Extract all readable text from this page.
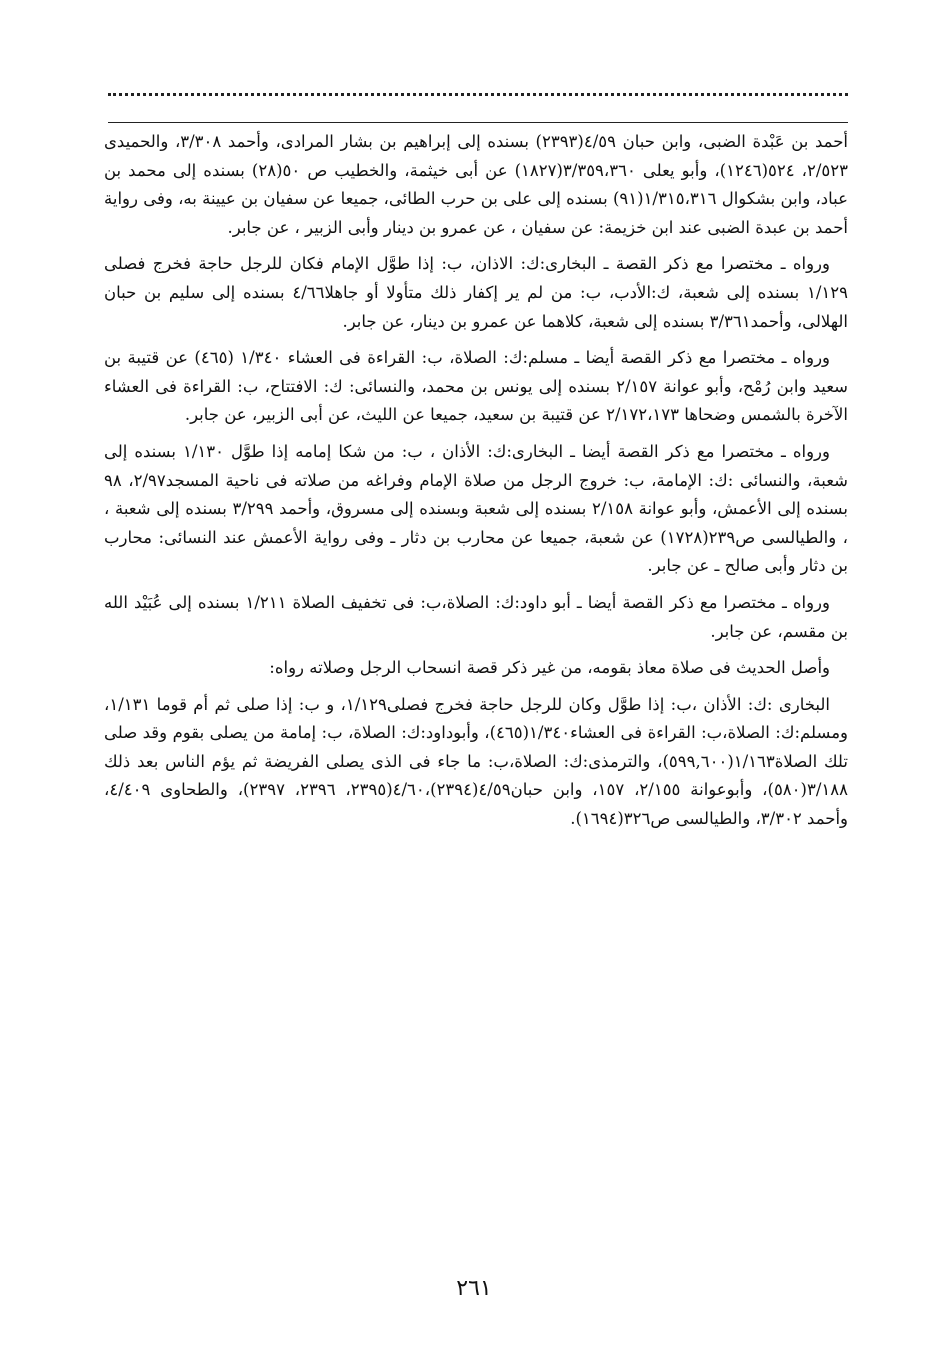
أحمد بن عَبْدة الضبى، وابن حبان ٤/٥٩(٢٣٩٣) بسنده إلى إبراهيم بن بشار المرادى، وأحمد ٣/٣٠٨، والحميدى ٢/٥٢٣، ٥٢٤(١٢٤٦)، وأبو يعلى ٣/٣٥٩،٣٦٠(١٨٢٧) عن أبى خيثمة، والخطيب ص ٥٠(٢٨) بسنده إلى محمد بن عباد، وابن بشكوال ١/٣١٥،٣١٦(٩١) بسنده إلى على بن حرب الطائى، جميعا عن سفيان بن عيينة به، وفى رواية أحمد بن عبدة الضبى عند ابن خزيمة: عن سفيان ، عن عمرو بن دينار وأبى الزبير ، عن جابر.

ورواه ـ مختصرا مع ذكر القصة ـ البخارى:ك: الاذان، ب: إذا طوَّل الإمام فكان للرجل حاجة فخرج فصلى ١/١٢٩ بسنده إلى شعبة، ك:الأدب، ب: من لم ير إكفار ذلك متأولا أو جاهلا٤/٦٦ بسنده إلى سليم بن حبان الهلالى، وأحمد٣/٣٦١ بسنده إلى شعبة، كلاهما عن عمرو بن دينار، عن جابر.

ورواه ـ مختصرا مع ذكر القصة أيضا ـ مسلم:ك: الصلاة، ب: القراءة فى العشاء ١/٣٤٠ (٤٦٥) عن قتيبة بن سعيد وابن رُمْح، وأبو عوانة ٢/١٥٧ بسنده إلى يونس بن محمد، والنسائى: ك: الافتتاح، ب: القراءة فى العشاء الآخرة بالشمس وضحاها ٢/١٧٢،١٧٣ عن قتيبة بن سعيد، جميعا عن الليث، عن أبى الزبير، عن جابر.

ورواه ـ مختصرا مع ذكر القصة أيضا ـ البخارى:ك: الأذان ، ب: من شكا إمامه إذا طوَّل ١/١٣٠ بسنده إلى شعبة، والنسائى :ك: الإمامة، ب: خروج الرجل من صلاة الإمام وفراغه من صلاته فى ناحية المسجد٢/٩٧، ٩٨ بسنده إلى الأعمش، وأبو عوانة ٢/١٥٨ بسنده إلى شعبة وبسنده إلى مسروق، وأحمد ٣/٢٩٩ بسنده إلى شعبة ، ، والطيالسى ص٢٣٩(١٧٢٨) عن شعبة، جميعا عن محارب بن دثار ـ وفى رواية الأعمش عند النسائى: محارب بن دثار وأبى صالح ـ عن جابر.

ورواه ـ مختصرا مع ذكر القصة أيضا ـ أبو داود:ك: الصلاة،ب: فى تخفيف الصلاة ١/٢١١ بسنده إلى عُبَيْد الله بن مقسم، عن جابر.

وأصل الحديث فى صلاة معاذ بقومه، من غير ذكر قصة انسحاب الرجل وصلاته رواه:

البخارى :ك: الأذان ،ب: إذا طوَّل وكان للرجل حاجة فخرج فصلى١/١٢٩، و ب: إذا صلى ثم أم قوما ١/١٣١، ومسلم:ك: الصلاة،ب: القراءة فى العشاء١/٣٤٠(٤٦٥)، وأبوداود:ك: الصلاة، ب: إمامة من يصلى بقوم وقد صلى تلك الصلاة١/١٦٣(٥٩٩,٦٠٠)، والترمذى:ك: الصلاة،ب: ما جاء فى الذى يصلى الفريضة ثم يؤم الناس بعد ذلك ٣/١٨٨(٥٨٠)، وأبوعوانة ٢/١٥٥، ١٥٧، وابن حبان٤/٥٩(٢٣٩٤)،٤/٦٠(٢٣٩٥، ٢٣٩٦، ٢٣٩٧)، والطحاوى ٤/٤٠٩، وأحمد ٣/٣٠٢، والطيالسى ص٣٢٦(١٦٩٤).

٢٦١
